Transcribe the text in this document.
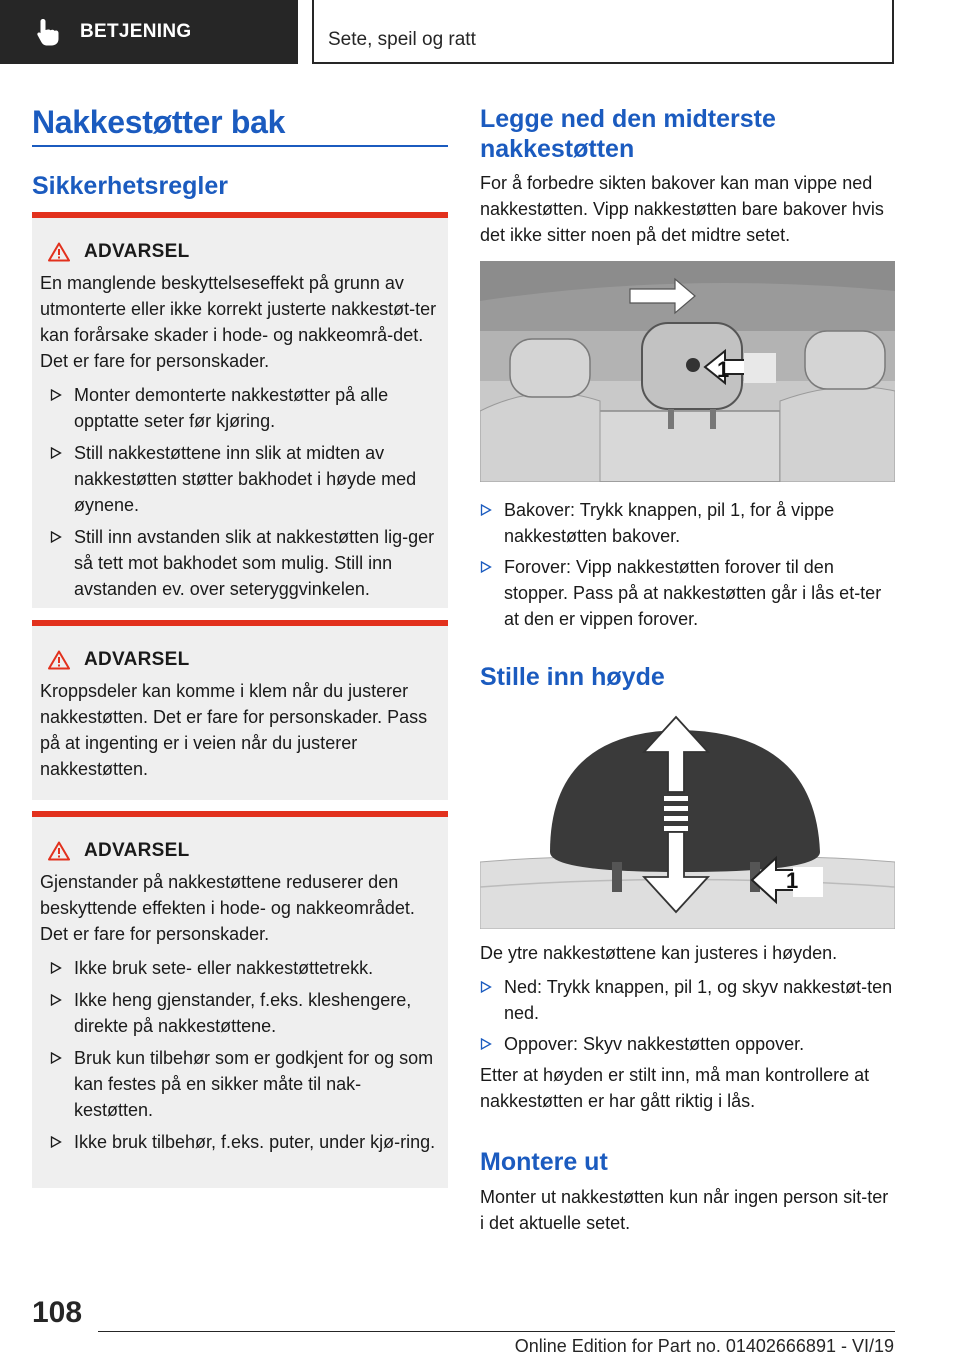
BETJENING	Sete, speil og ratt
Nakkestøtter bak
Sikkerhetsregler
ADVARSEL

En manglende beskyttelseseffekt på grunn av utmonterte eller ikke korrekt justerte nakkestøt-ter kan forårsake skader i hode- og nakkeområ-det. Det er fare for personskader.

Monter demonterte nakkestøtter på alle opptatte seter før kjøring.
Still nakkestøttene inn slik at midten av nakkestøtten støtter bakhodet i høyde med øynene.
Still inn avstanden slik at nakkestøtten lig-ger så tett mot bakhodet som mulig. Still inn avstanden ev. over seteryggvinkelen.
ADVARSEL

Kroppsdeler kan komme i klem når du justerer nakkestøtten. Det er fare for personskader. Pass på at ingenting er i veien når du justerer nakkestøtten.

ADVARSEL

Gjenstander på nakkestøttene reduserer den beskyttende effekten i hode- og nakkeområdet. Det er fare for personskader.

Ikke bruk sete- eller nakkestøttetrekk.
Ikke heng gjenstander, f.eks. kleshengere, direkte på nakkestøttene.
Bruk kun tilbehør som er godkjent for og som kan festes på en sikker måte til nak-kestøtten.
Ikke bruk tilbehør, f.eks. puter, under kjø-ring.
Legge ned den midterste nakkestøtten

For å forbedre sikten bakover kan man vippe ned nakkestøtten. Vipp nakkestøtten bare bakover hvis det ikke sitter noen på det midtre setet.

1
Bakover: Trykk knappen, pil 1, for å vippe nakkestøtten bakover.
Forover: Vipp nakkestøtten forover til den stopper. Pass på at nakkestøtten går i lås et-ter at den er vippen forover.
Stille inn høyde
1

De ytre nakkestøttene kan justeres i høyden.

Ned: Trykk knappen, pil 1, og skyv nakkestøt-ten ned.
Oppover: Skyv nakkestøtten oppover.

Etter at høyden er stilt inn, må man kontrollere at nakkestøtten er har gått riktig i lås.

Montere ut

Monter ut nakkestøtten kun når ingen person sit-ter i det aktuelle setet.

108
Online Edition for Part no. 01402666891 - VI/19
